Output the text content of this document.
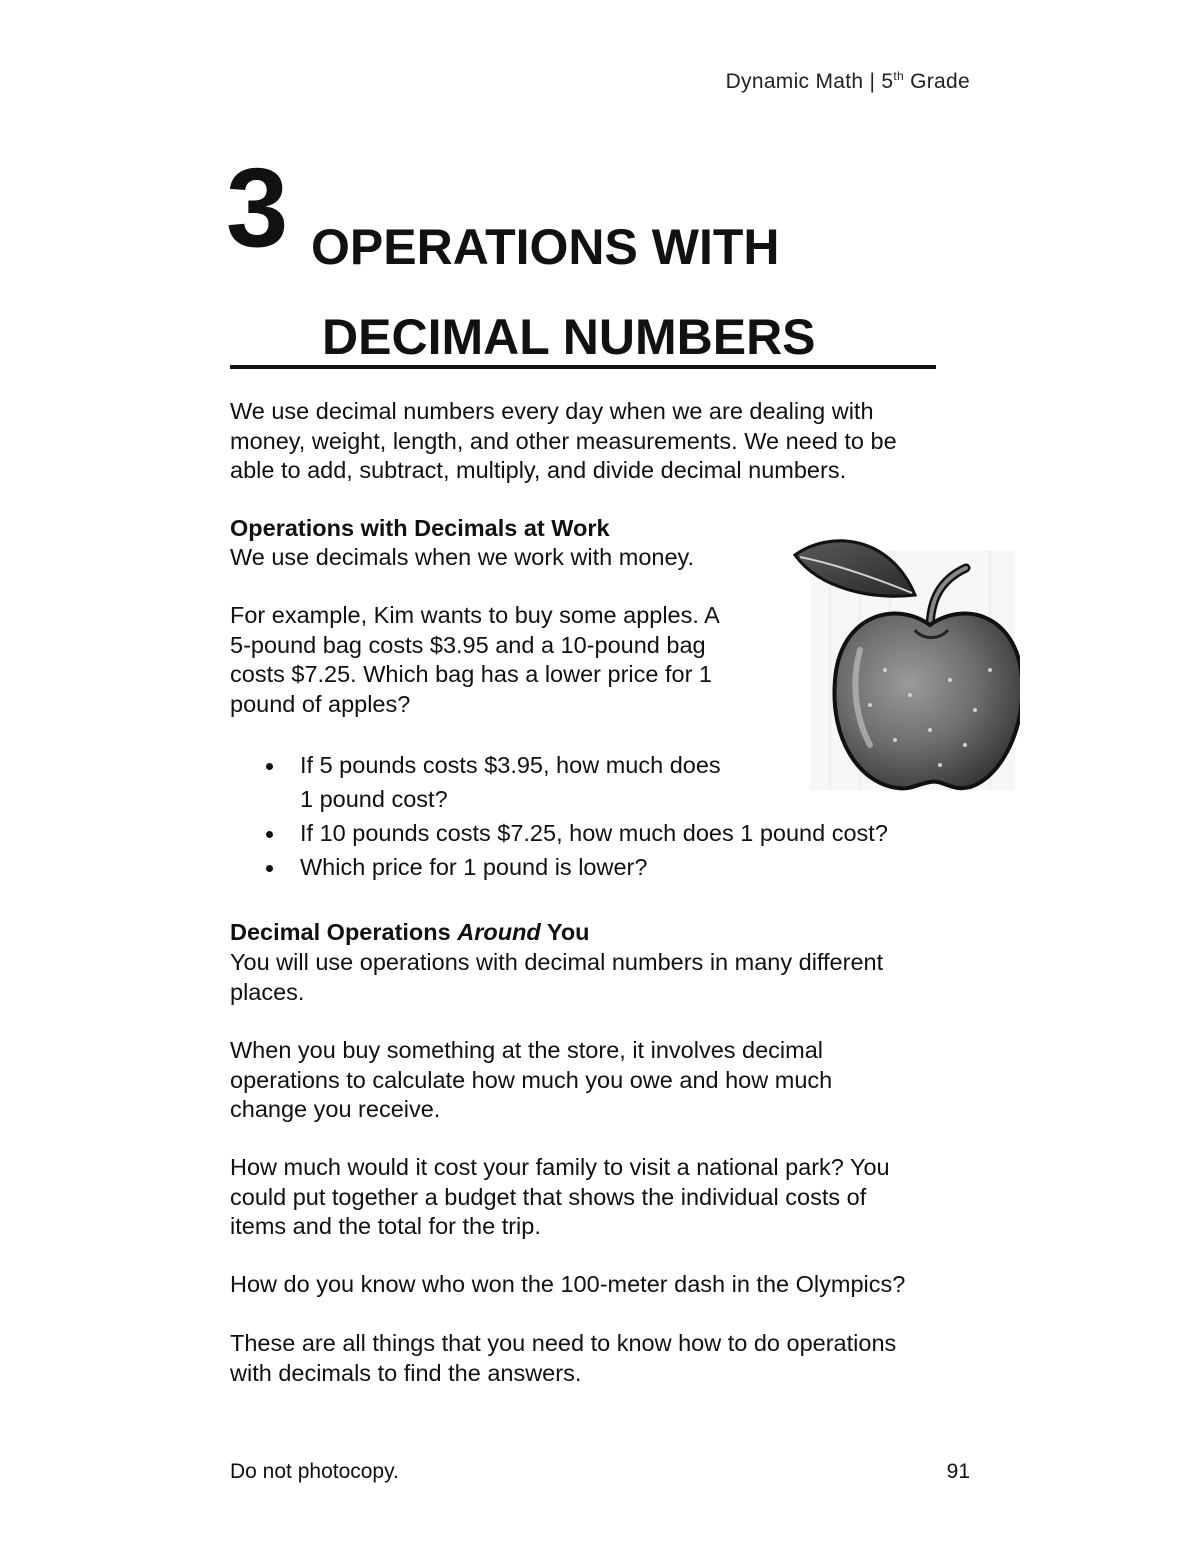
Dynamic Math | 5th Grade
3 OPERATIONS WITH
DECIMAL NUMBERS
We use decimal numbers every day when we are dealing with
money, weight, length, and other measurements. We need to be
able to add, subtract, multiply, and divide decimal numbers.
Operations with Decimals at Work
We use decimals when we work with money.
For example, Kim wants to buy some apples. A
5-pound bag costs $3.95 and a 10-pound bag
costs $7.25. Which bag has a lower price for 1
pound of apples?
If 5 pounds costs $3.95, how much does
1 pound cost?
If 10 pounds costs $7.25, how much does 1 pound cost?
Which price for 1 pound is lower?
Decimal Operations Around You
You will use operations with decimal numbers in many different
places.
When you buy something at the store, it involves decimal
operations to calculate how much you owe and how much
change you receive.
How much would it cost your family to visit a national park? You
could put together a budget that shows the individual costs of
items and the total for the trip.
How do you know who won the 100-meter dash in the Olympics?
These are all things that you need to know how to do operations
with decimals to find the answers.
Do not photocopy.	91
